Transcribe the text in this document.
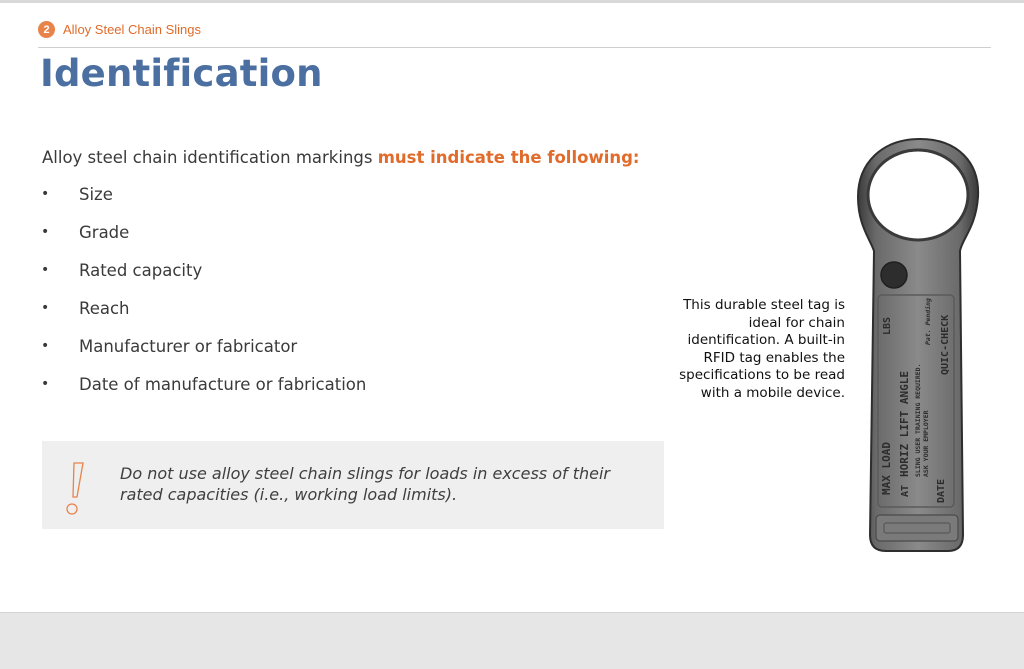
2	Alloy Steel Chain Slings
Identification
Alloy steel chain identification markings must indicate the following:
•	Size
•	Grade
•	Rated capacity
•	Reach
•	Manufacturer or fabricator
•	Date of manufacture or fabrication
Do not use alloy steel chain slings for loads in excess of their rated capacities (i.e., working load limits).
This durable steel tag is ideal for chain identification. A built-in RFID tag enables the specifications to be read with a mobile device.
MAX LOAD
LBS
AT
HORIZ LIFT ANGLE SLING USER TRAINING REQUIRED. ASK YOUR EMPLOYER
DATE
Pat. Pending QUIC-CHECK
